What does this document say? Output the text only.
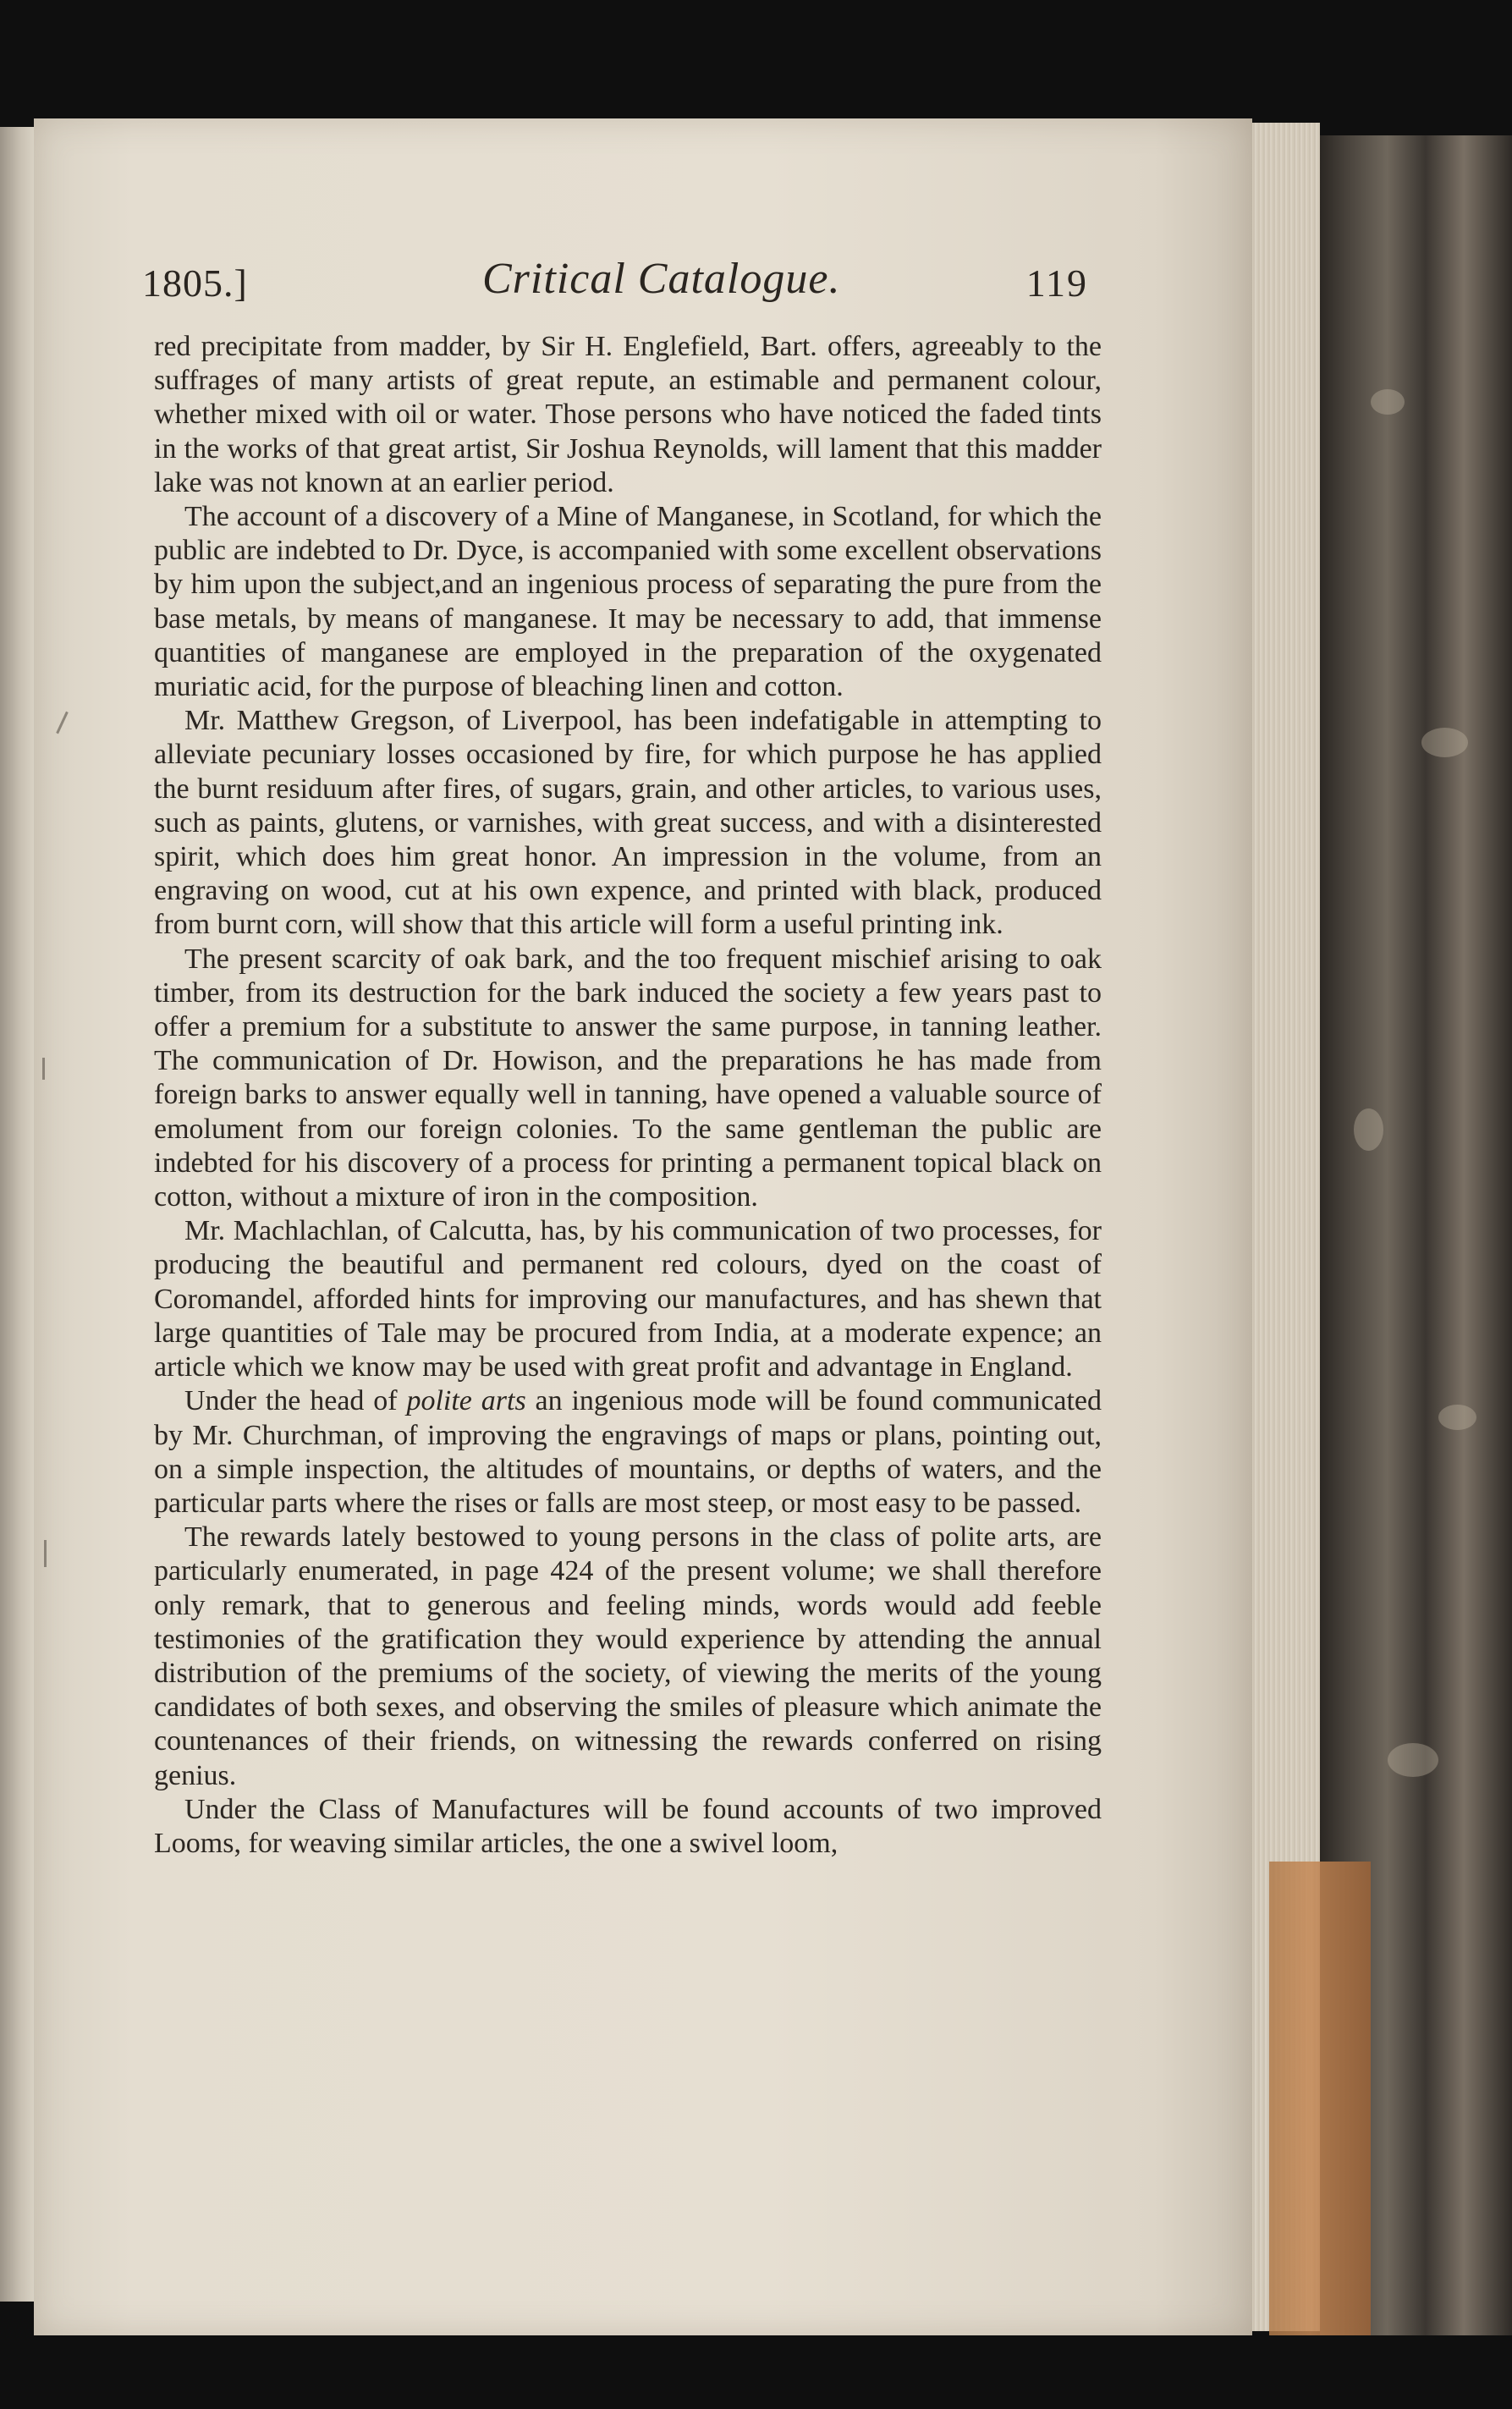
1805.]	Critical Catalogue.	119

red precipitate from madder, by Sir H. Englefield, Bart. offers, agreeably to the suffrages of many artists of great repute, an estimable and permanent colour, whether mixed with oil or water. Those persons who have noticed the faded tints in the works of that great artist, Sir Joshua Reynolds, will lament that this madder lake was not known at an earlier period.

The account of a discovery of a Mine of Manganese, in Scotland, for which the public are indebted to Dr. Dyce, is accompanied with some excellent observations by him upon the subject,and an ingenious process of separating the pure from the base metals, by means of manganese. It may be necessary to add, that immense quantities of manganese are employed in the preparation of the oxygenated muriatic acid, for the purpose of bleaching linen and cotton.

Mr. Matthew Gregson, of Liverpool, has been indefatigable in attempting to alleviate pecuniary losses occasioned by fire, for which purpose he has applied the burnt residuum after fires, of sugars, grain, and other articles, to various uses, such as paints, glutens, or varnishes, with great success, and with a disinterested spirit, which does him great honor. An impression in the volume, from an engraving on wood, cut at his own expence, and printed with black, produced from burnt corn, will show that this article will form a useful printing ink.

The present scarcity of oak bark, and the too frequent mischief arising to oak timber, from its destruction for the bark induced the society a few years past to offer a premium for a substitute to answer the same purpose, in tanning leather. The communication of Dr. Howison, and the preparations he has made from foreign barks to answer equally well in tanning, have opened a valuable source of emolument from our foreign colonies. To the same gentleman the public are indebted for his discovery of a process for printing a permanent topical black on cotton, without a mixture of iron in the composition.

Mr. Machlachlan, of Calcutta, has, by his communication of two processes, for producing the beautiful and permanent red colours, dyed on the coast of Coromandel, afforded hints for improving our manufactures, and has shewn that large quantities of Tale may be procured from India, at a moderate expence; an article which we know may be used with great profit and advantage in England.

Under the head of polite arts an ingenious mode will be found communicated by Mr. Churchman, of improving the engravings of maps or plans, pointing out, on a simple inspection, the altitudes of mountains, or depths of waters, and the particular parts where the rises or falls are most steep, or most easy to be passed.

The rewards lately bestowed to young persons in the class of polite arts, are particularly enumerated, in page 424 of the present volume; we shall therefore only remark, that to generous and feeling minds, words would add feeble testimonies of the gratification they would experience by attending the annual distribution of the premiums of the society, of viewing the merits of the young candidates of both sexes, and observing the smiles of pleasure which animate the countenances of their friends, on witnessing the rewards conferred on rising genius.

Under the Class of Manufactures will be found accounts of two improved Looms, for weaving similar articles, the one a swivel loom,
